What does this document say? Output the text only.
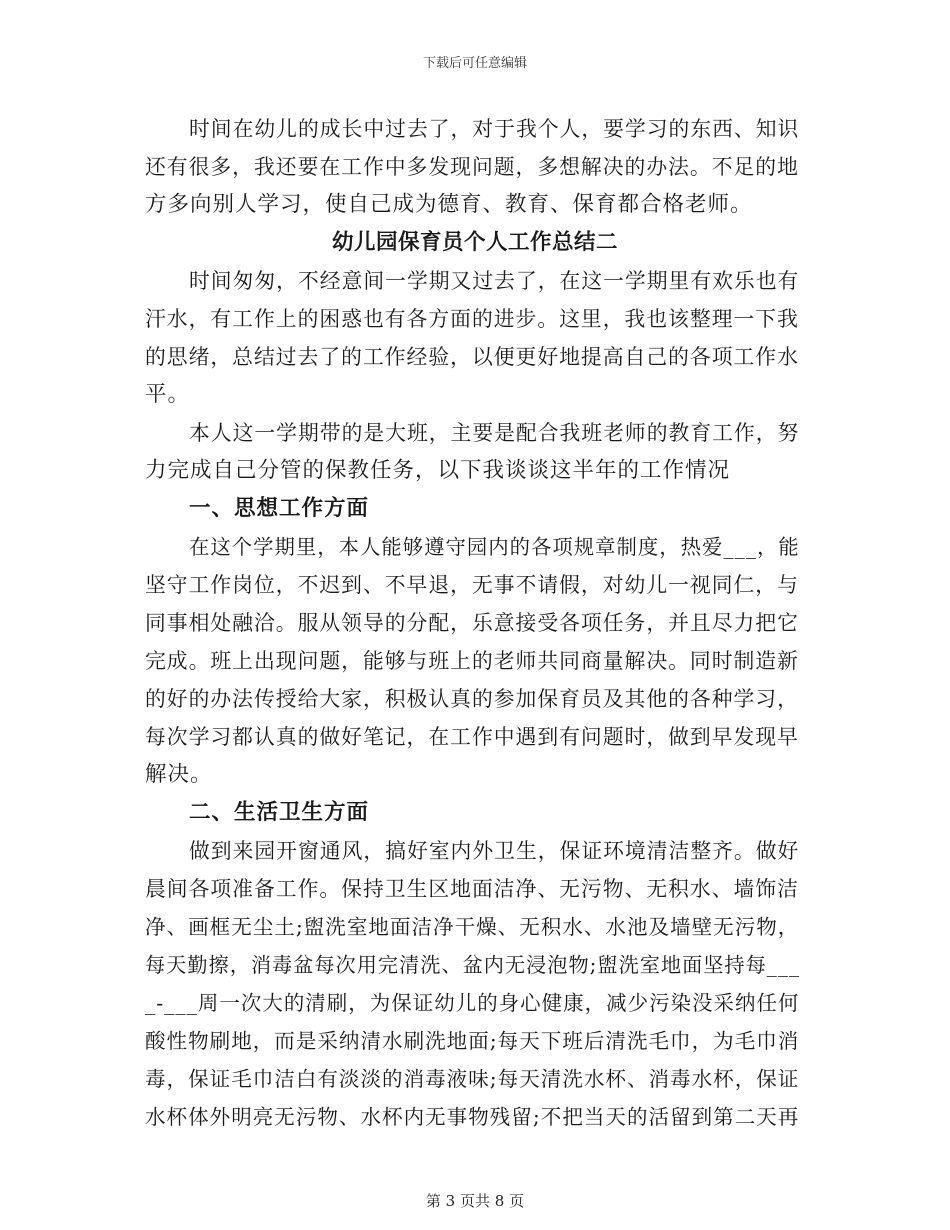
下载后可任意编辑
时间在幼儿的成长中过去了，对于我个人，要学习的东西、知识
还有很多，我还要在工作中多发现问题，多想解决的办法。不足的地
方多向别人学习，使自己成为德育、教育、保育都合格老师。
幼儿园保育员个人工作总结二
时间匆匆，不经意间一学期又过去了，在这一学期里有欢乐也有
汗水，有工作上的困惑也有各方面的进步。这里，我也该整理一下我
的思绪，总结过去了的工作经验，以便更好地提高自己的各项工作水
平。
本人这一学期带的是大班，主要是配合我班老师的教育工作，努
力完成自己分管的保教任务，以下我谈谈这半年的工作情况
一、思想工作方面
在这个学期里，本人能够遵守园内的各项规章制度，热爱___，能
坚守工作岗位，不迟到、不早退，无事不请假，对幼儿一视同仁，与
同事相处融洽。服从领导的分配，乐意接受各项任务，并且尽力把它
完成。班上出现问题，能够与班上的老师共同商量解决。同时制造新
的好的办法传授给大家，积极认真的参加保育员及其他的各种学习，
每次学习都认真的做好笔记，在工作中遇到有问题时，做到早发现早
解决。
二、生活卫生方面
做到来园开窗通风，搞好室内外卫生，保证环境清洁整齐。做好
晨间各项准备工作。保持卫生区地面洁净、无污物、无积水、墙饰洁
净、画框无尘土;盥洗室地面洁净干燥、无积水、水池及墙壁无污物，
每天勤擦，消毒盆每次用完清洗、盆内无浸泡物;盥洗室地面坚持每___
_-___周一次大的清刷，为保证幼儿的身心健康，减少污染没采纳任何
酸性物刷地，而是采纳清水刷洗地面;每天下班后清洗毛巾，为毛巾消
毒，保证毛巾洁白有淡淡的消毒液味;每天清洗水杯、消毒水杯，保证
水杯体外明亮无污物、水杯内无事物残留;不把当天的活留到第二天再
第 3 页共 8 页
